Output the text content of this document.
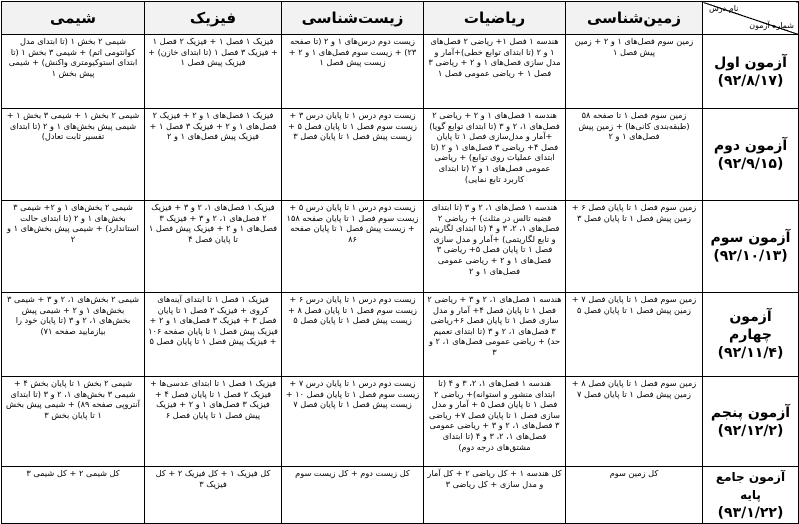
نام درس
شماره آزمون	زمین‌شناسی	ریاضیات	زیست‌شناسی	فیزیک	شیمی

آزمون اول
(۹۲/۸/۱۷)	زمین سوم فصل‌های ۱ و ۲ + زمین پیش فصل ۱	هندسه ۱ فصل ۱+ ریاضی ۲ فصل‌های ۱ و ۲ (تا ابتدای توابع خطی)+آمار و مدل سازی فصل‌های ۱ و ۲ + ریاضی ۳ فصل ۱ + ریاضی عمومی فصل ۱	زیست دوم درس‌های ۱ و ۲ (تا صفحه ۲۳) + زیست سوم فصل‌های ۱ و ۲ + زیست پیش فصل ۱	فیزیک ۱ فصل ۱ + فیزیک ۲ فصل ۱ + فیزیک ۳ فصل ۱ (تا ابتدای خازن) + فیزیک پیش فصل ۱	شیمی ۲ بخش ۱ (تا ابتدای مدل کوانتومی اتم) + شیمی ۳ بخش ۱ (تا ابتدای استوکیومتری واکنش) + شیمی پیش بخش ۱

آزمون دوم
(۹۲/۹/۱۵)	زمین سوم فصل ۱ تا صفحه ۵۸ (طبقه‌بندی کانی‌ها) + زمین پیش فصل‌های ۱ و ۲	هندسه ۱ فصل‌های ۱ و ۲ + ریاضی ۲ فصل‌های ۱، ۲ و ۳ (تا ابتدای توابع گویا) +آمار و مدل‌سازی فصل ۱ تا پایان فصل ۴+ ریاضی ۳ فصل‌های ۱ و ۲ (تا ابتدای عملیات روی توابع) + ریاضی عمومی فصل‌های ۱ و ۲ (تا ابتدای کاربرد تابع نمایی)	زیست دوم درس ۱ تا پایان درس ۳ + زیست سوم فصل ۱ تا پایان فصل ۵ + زیست پیش فصل ۱ تا پایان فصل ۳	فیزیک ۱ فصل‌های ۱ و ۲ + فیزیک ۲ فصل‌های ۱ و ۲ + فیزیک ۳ فصل ۱ + فیزیک پیش فصل‌های ۱ و ۲	شیمی ۲ بخش ۱ + شیمی ۳ بخش ۱ + شیمی پیش بخش‌های ۱ و ۲ (تا ابتدای تفسیر ثابت تعادل)

آزمون سوم
(۹۲/۱۰/۱۳)	زمین سوم فصل ۱ تا پایان فصل ۶ + زمین پیش فصل ۱ تا پایان فصل ۳	هندسه ۱ فصل‌های ۱، ۲ و ۳ (تا ابتدای قضیه تالس در مثلث) + ریاضی ۲ فصل‌های ۱، ۲، ۳ و ۴ (تا ابتدای لگاریتم و تابع لگاریتمی) +آمار و مدل سازی فصل ۱ تا پایان فصل ۵+ ریاضی ۳ فصل‌های ۱ و ۲ + ریاضی عمومی فصل‌های ۱ و ۲	زیست دوم درس ۱ تا پایان درس ۵ + زیست سوم فصل ۱ تا پایان صفحه ۱۵۸ + زیست پیش فصل ۱ تا پایان صفحه ۸۶	فیزیک ۱ فصل‌های ۱، ۲ و ۳ + فیزیک ۲ فصل‌های ۱، ۲ و ۳ + فیزیک ۳ فصل‌های ۱ و ۲ + فیزیک پیش فصل ۱ تا پایان فصل ۴	شیمی ۲ بخش‌های ۱ و ۲+ شیمی ۳ بخش‌های ۱ و ۲ (تا ابتدای حالت استاندارد) + شیمی پیش بخش‌های ۱ و ۲

آزمون چهارم
(۹۲/۱۱/۴)	زمین سوم فصل ۱ تا پایان فصل ۷ + زمین پیش فصل ۱ تا پایان فصل ۵	هندسه ۱ فصل‌های ۱، ۲ و ۳ + ریاضی ۲ فصل ۱ تا پایان فصل ۴+ آمار و مدل سازی فصل ۱ تا پایان فصل ۶+ریاضی ۳ فصل‌های ۱، ۲ و ۳ (تا ابتدای تعمیم حد) + ریاضی عمومی فصل‌های ۱، ۲ و ۳	زیست دوم درس ۱ تا پایان درس ۶ + زیست سوم فصل ۱ تا پایان فصل ۸ + زیست پیش فصل ۱ تا پایان فصل ۵	فیزیک ۱ فصل ۱ تا ابتدای آینه‌های کروی + فیزیک ۲ فصل ۱ تا پایان فصل ۳ + فیزیک ۳ فصل‌های ۱ و ۲ + فیزیک پیش فصل ۱ تا پایان صفحه ۱۰۶ + فیزیک پیش فصل ۱ تا پایان فصل ۵	شیمی ۲ بخش‌های ۱، ۲ و ۳ + شیمی ۳ بخش‌های ۱ و ۲ + شیمی پیش بخش‌های ۱، ۲ و ۳ (تا پایان خود را بیازمایید صفحه ۷۱)

آزمون پنجم
(۹۲/۱۲/۲)	زمین سوم فصل ۱ تا پایان فصل ۸ + زمین پیش فصل ۱ تا پایان فصل ۷	هندسه ۱ فصل‌های ۱، ۲، ۳ و ۴ (تا ابتدای منشور و استوانه)+ ریاضی ۲ فصل ۱ تا پایان فصل ۵ + آمار و مدل سازی فصل ۱ تا پایان فصل ۷+ ریاضی ۳ فصل‌های ۱، ۲ و ۳ + ریاضی عمومی فصل‌های ۱، ۲، ۳ و ۴ (تا ابتدای مشتق‌های درجه دوم)	زیست دوم درس ۱ تا پایان درس ۷ + زیست سوم فصل ۱ تا پایان فصل ۱۰ + زیست پیش فصل ۱ تا پایان فصل ۷	فیزیک ۱ فصل ۱ تا ابتدای عدسی‌ها + فیزیک ۲ فصل ۱ تا پایان فصل ۴ + فیزیک ۳ فصل‌های ۱ و ۲ + فیزیک پیش فصل ۱ تا پایان فصل ۶	شیمی ۲ بخش ۱ تا پایان بخش ۴ + شیمی ۳ بخش‌های ۱، ۲ و ۳ (تا ابتدای آنتروپی صفحه ۸۹) + شیمی پیش بخش ۱ تا پایان بخش ۳

آزمون جامع پایه
(۹۳/۱/۲۲)	کل زمین سوم	کل هندسه ۱ + کل ریاضی ۲ + کل آمار و مدل سازی + کل ریاضی ۳	کل زیست دوم + کل زیست سوم	کل فیزیک ۱ + کل فیزیک ۲ + کل فیزیک ۳	کل شیمی ۲ + کل شیمی ۳
